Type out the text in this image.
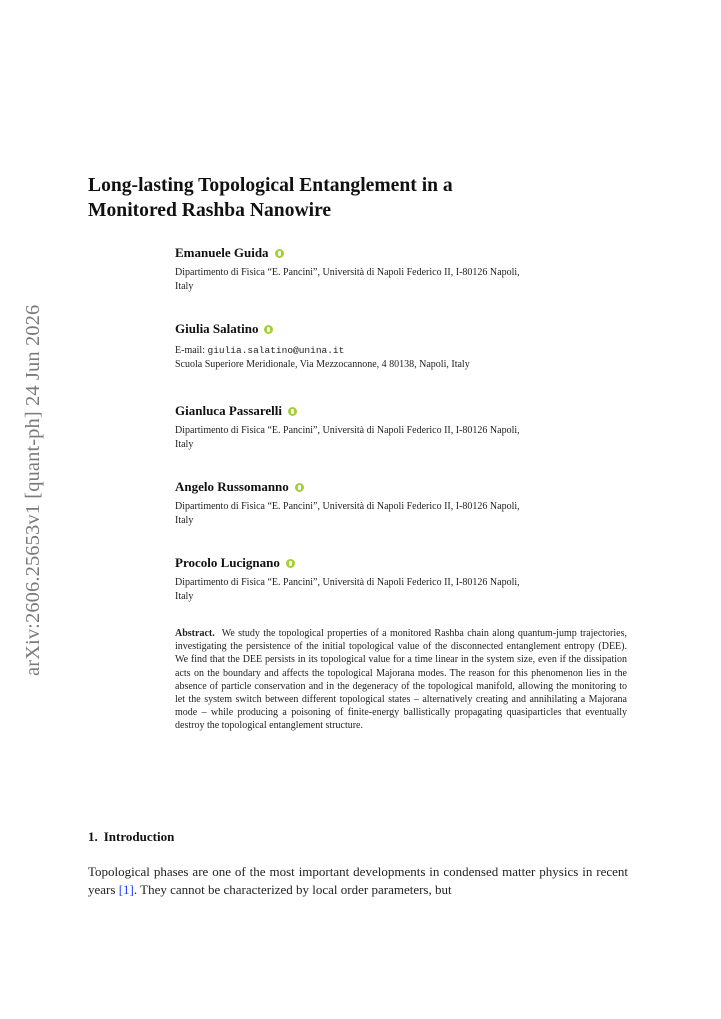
arXiv:2606.25653v1 [quant-ph] 24 Jun 2026
Long-lasting Topological Entanglement in a
Monitored Rashba Nanowire
Emanuele Guida
Dipartimento di Fisica “E. Pancini”, Università di Napoli Federico II, I-80126 Napoli,
Italy
Giulia Salatino
E-mail: giulia.salatino@unina.it
Scuola Superiore Meridionale, Via Mezzocannone, 4 80138, Napoli, Italy
Gianluca Passarelli
Dipartimento di Fisica “E. Pancini”, Università di Napoli Federico II, I-80126 Napoli,
Italy
Angelo Russomanno
Dipartimento di Fisica “E. Pancini”, Università di Napoli Federico II, I-80126 Napoli,
Italy
Procolo Lucignano
Dipartimento di Fisica “E. Pancini”, Università di Napoli Federico II, I-80126 Napoli,
Italy

Abstract. We study the topological properties of a monitored Rashba chain along quantum-jump trajectories, investigating the persistence of the initial topological value of the disconnected entanglement entropy (DEE). We find that the DEE persists in its topological value for a time linear in the system size, even if the dissipation acts on the boundary and affects the topological Majorana modes. The reason for this phenomenon lies in the absence of particle conservation and in the degeneracy of the topological manifold, allowing the monitoring to let the system switch between different topological states – alternatively creating and annihilating a Majorana mode – while producing a poisoning of finite-energy ballistically propagating quasiparticles that eventually destroy the topological entanglement structure.

1. Introduction

Topological phases are one of the most important developments in condensed matter physics in recent years [1]. They cannot be characterized by local order parameters, but
